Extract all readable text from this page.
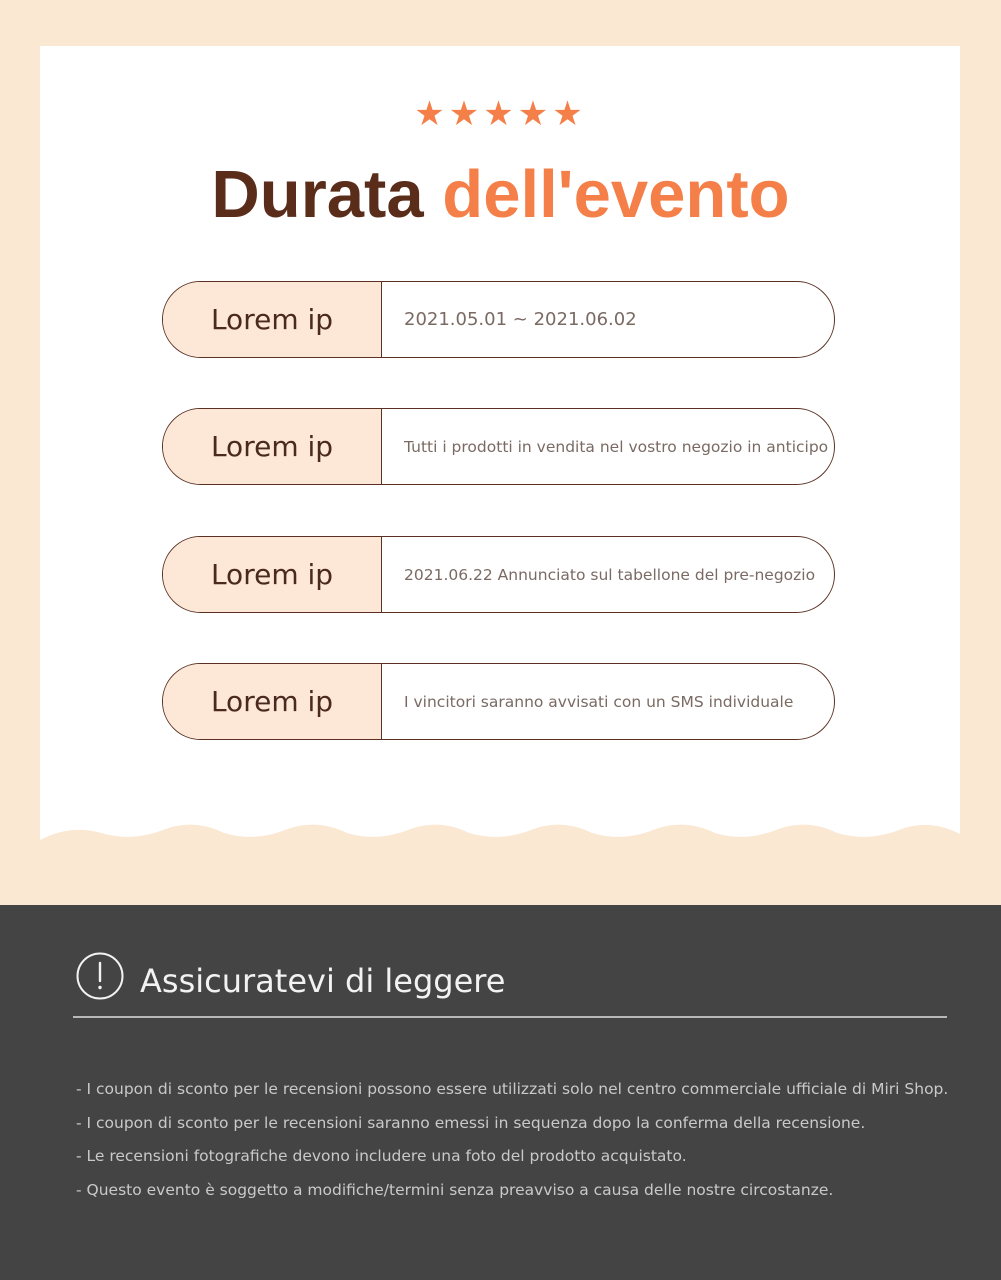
★★★★★
Durata dell'evento
Lorem ip	2021.05.01 ~ 2021.06.02
Lorem ip	Tutti i prodotti in vendita nel vostro negozio in anticipo
Lorem ip	2021.06.22 Annunciato sul tabellone del pre-negozio
Lorem ip	I vincitori saranno avvisati con un SMS individuale
Assicuratevi di leggere
- I coupon di sconto per le recensioni possono essere utilizzati solo nel centro commerciale ufficiale di Miri Shop.
- I coupon di sconto per le recensioni saranno emessi in sequenza dopo la conferma della recensione.
- Le recensioni fotografiche devono includere una foto del prodotto acquistato.
- Questo evento è soggetto a modifiche/termini senza preavviso a causa delle nostre circostanze.
